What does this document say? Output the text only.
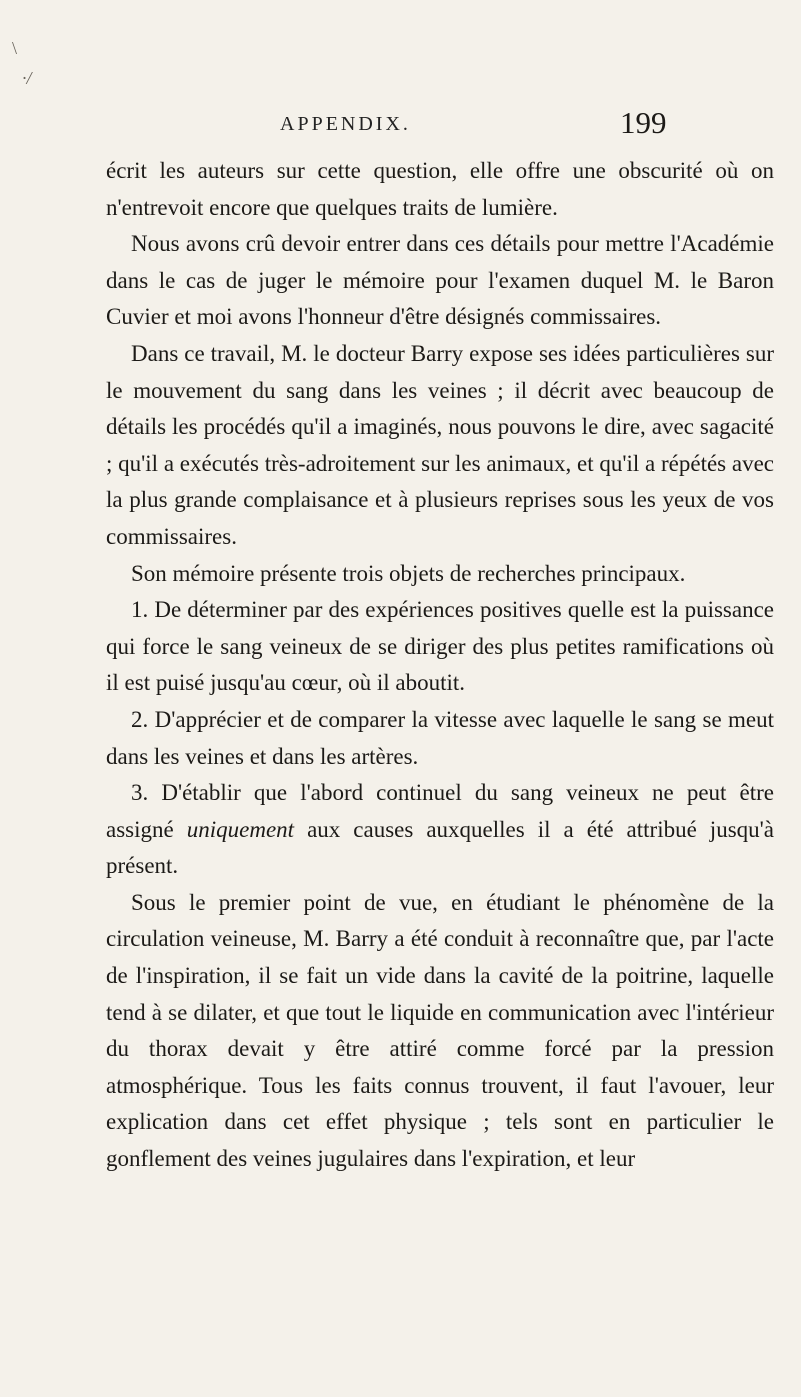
\
·/
APPENDIX.	199

écrit les auteurs sur cette question, elle offre une obscurité où on n'entrevoit encore que quelques traits de lumière.

Nous avons crû devoir entrer dans ces détails pour mettre l'Académie dans le cas de juger le mémoire pour l'examen duquel M. le Baron Cuvier et moi avons l'honneur d'être désignés commissaires.

Dans ce travail, M. le docteur Barry expose ses idées particulières sur le mouvement du sang dans les veines ; il décrit avec beaucoup de détails les procédés qu'il a imaginés, nous pouvons le dire, avec sagacité ; qu'il a exécutés très-adroitement sur les animaux, et qu'il a répétés avec la plus grande complaisance et à plusieurs reprises sous les yeux de vos commissaires.

Son mémoire présente trois objets de recherches principaux.

1. De déterminer par des expériences positives quelle est la puissance qui force le sang veineux de se diriger des plus petites ramifications où il est puisé jusqu'au cœur, où il aboutit.

2. D'apprécier et de comparer la vitesse avec laquelle le sang se meut dans les veines et dans les artères.

3. D'établir que l'abord continuel du sang veineux ne peut être assigné uniquement aux causes auxquelles il a été attribué jusqu'à présent.

Sous le premier point de vue, en étudiant le phénomène de la circulation veineuse, M. Barry a été conduit à reconnaître que, par l'acte de l'inspiration, il se fait un vide dans la cavité de la poitrine, laquelle tend à se dilater, et que tout le liquide en communication avec l'intérieur du thorax devait y être attiré comme forcé par la pression atmosphérique. Tous les faits connus trouvent, il faut l'avouer, leur explication dans cet effet physique ; tels sont en particulier le gonflement des veines jugulaires dans l'expiration, et leur
